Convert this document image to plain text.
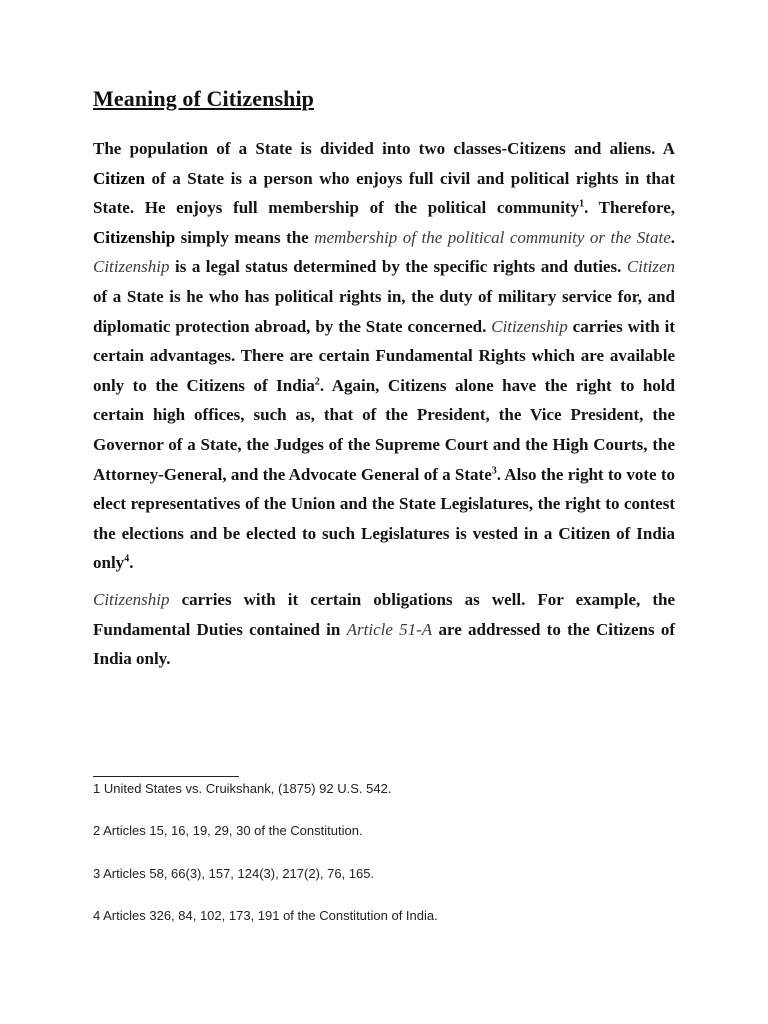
Meaning of Citizenship

The population of a State is divided into two classes-Citizens and aliens. A Citizen of a State is a person who enjoys full civil and political rights in that State. He enjoys full membership of the political community$^1$. Therefore, Citizenship simply means the membership of the political community or the State. Citizenship is a legal status determined by the specific rights and duties. Citizen of a State is he who has political rights in, the duty of military service for, and diplomatic protection abroad, by the State concerned. Citizenship carries with it certain advantages. There are certain Fundamental Rights which are available only to the Citizens of India$^2$. Again, Citizens alone have the right to hold certain high offices, such as, that of the President, the Vice President, the Governor of a State, the Judges of the Supreme Court and the High Courts, the Attorney-General, and the Advocate General of a State$^3$. Also the right to vote to elect representatives of the Union and the State Legislatures, the right to contest the elections and be elected to such Legislatures is vested in a Citizen of India only$^4$.

Citizenship carries with it certain obligations as well. For example, the Fundamental Duties contained in Article 51-A are addressed to the Citizens of India only.

1 United States vs. Cruikshank, (1875) 92 U.S. 542.

2 Articles 15, 16, 19, 29, 30 of the Constitution.

3 Articles 58, 66(3), 157, 124(3), 217(2), 76, 165.

4 Articles 326, 84, 102, 173, 191 of the Constitution of India.
